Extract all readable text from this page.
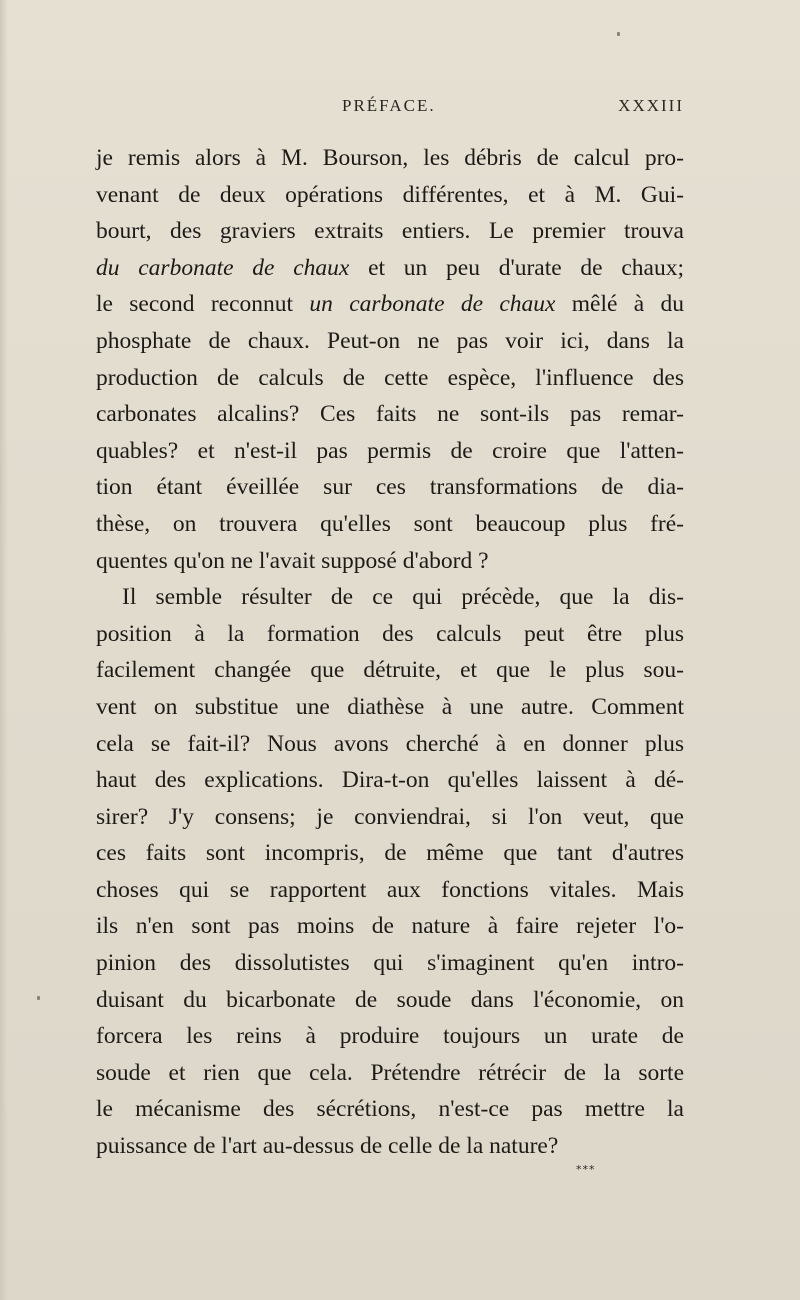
PRÉFACE.	XXXIII
je remis alors à M. Bourson, les débris de calcul pro-
venant de deux opérations différentes, et à M. Gui-
bourt, des graviers extraits entiers. Le premier trouva
du carbonate de chaux et un peu d'urate de chaux;
le second reconnut un carbonate de chaux mêlé à du
phosphate de chaux. Peut-on ne pas voir ici, dans la
production de calculs de cette espèce, l'influence des
carbonates alcalins? Ces faits ne sont-ils pas remar-
quables? et n'est-il pas permis de croire que l'atten-
tion étant éveillée sur ces transformations de dia-
thèse, on trouvera qu'elles sont beaucoup plus fré-
quentes qu'on ne l'avait supposé d'abord ?
Il semble résulter de ce qui précède, que la dis-
position à la formation des calculs peut être plus
facilement changée que détruite, et que le plus sou-
vent on substitue une diathèse à une autre. Comment
cela se fait-il? Nous avons cherché à en donner plus
haut des explications. Dira-t-on qu'elles laissent à dé-
sirer? J'y consens; je conviendrai, si l'on veut, que
ces faits sont incompris, de même que tant d'autres
choses qui se rapportent aux fonctions vitales. Mais
ils n'en sont pas moins de nature à faire rejeter l'o-
pinion des dissolutistes qui s'imaginent qu'en intro-
duisant du bicarbonate de soude dans l'économie, on
forcera les reins à produire toujours un urate de
soude et rien que cela. Prétendre rétrécir de la sorte
le mécanisme des sécrétions, n'est-ce pas mettre la
puissance de l'art au-dessus de celle de la nature?
***
